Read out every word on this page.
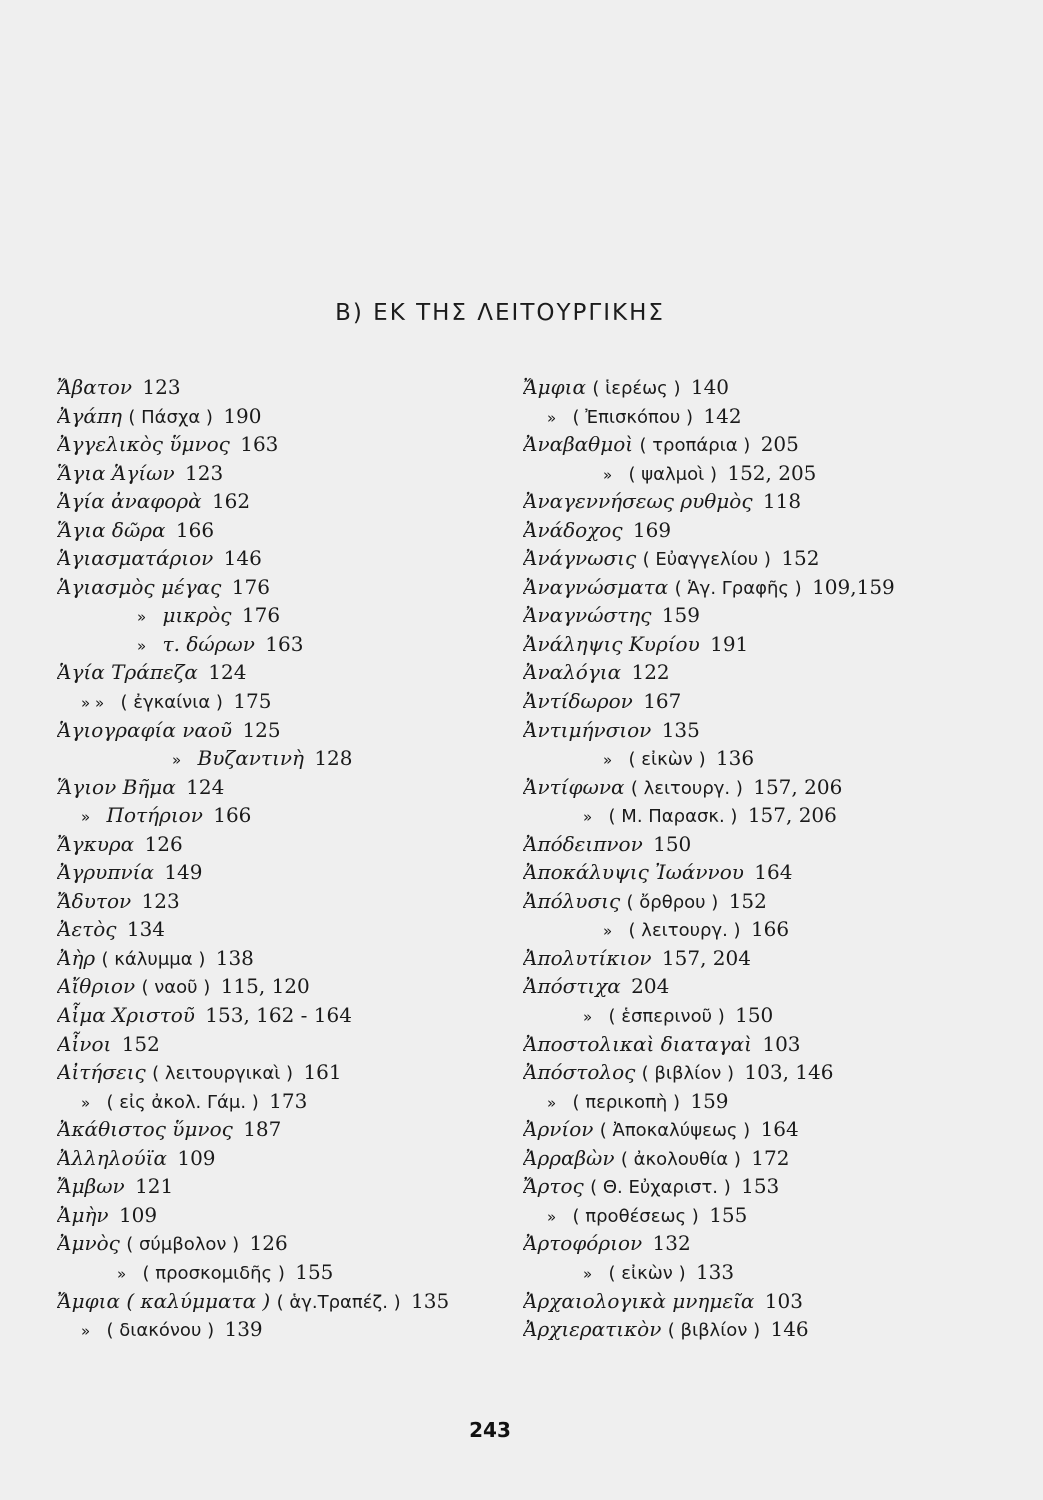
B) ΕΚ ΤΗΣ ΛΕΙΤΟΥΡΓΙΚΗΣ
Ἄβατον 123
Ἀγάπη ( Πάσχα ) 190
Ἀγγελικὸς ὕμνος 163
Ἅγια Ἁγίων 123
Ἁγία ἀναφορὰ 162
Ἅγια δῶρα 166
Ἁγιασματάριον 146
Ἁγιασμὸς μέγας 176
» μικρὸς 176
» τ. δώρων 163
Ἁγία Τράπεζα 124
» » ( ἐγκαίνια ) 175
Ἁγιογραφία ναοῦ 125
» Βυζαντινὴ 128
Ἅγιον Βῆμα 124
» Ποτήριον 166
Ἄγκυρα 126
Ἀγρυπνία 149
Ἄδυτον 123
Ἀετὸς 134
Ἀὴρ ( κάλυμμα ) 138
Αἴθριον ( ναοῦ ) 115, 120
Αἷμα Χριστοῦ 153, 162 - 164
Αἶνοι 152
Αἰτήσεις ( λειτουργικαὶ ) 161
» ( εἰς ἀκολ. Γάμ. ) 173
Ἀκάθιστος ὕμνος 187
Ἀλληλούϊα 109
Ἄμβων 121
Ἀμὴν 109
Ἀμνὸς ( σύμβολον ) 126
» ( προσκομιδῆς ) 155
Ἄμφια ( καλύμματα ) ( ἁγ.Τραπέζ. ) 135
» ( διακόνου ) 139
Ἄμφια ( ἱερέως ) 140
» ( Ἐπισκόπου ) 142
Ἀναβαθμοὶ ( τροπάρια ) 205
» ( ψαλμοὶ ) 152, 205
Ἀναγεννήσεως ρυθμὸς 118
Ἀνάδοχος 169
Ἀνάγνωσις ( Εὐαγγελίου ) 152
Ἀναγνώσματα ( Ἁγ. Γραφῆς ) 109,159
Ἀναγνώστης 159
Ἀνάληψις Κυρίου 191
Ἀναλόγια 122
Ἀντίδωρον 167
Ἀντιμήνσιον 135
» ( εἰκὼν ) 136
Ἀντίφωνα ( λειτουργ. ) 157, 206
» ( Μ. Παρασκ. ) 157, 206
Ἀπόδειπνον 150
Ἀποκάλυψις Ἰωάννου 164
Ἀπόλυσις ( ὄρθρου ) 152
» ( λειτουργ. ) 166
Ἀπολυτίκιον 157, 204
Ἀπόστιχα 204
» ( ἑσπερινοῦ ) 150
Ἀποστολικαὶ διαταγαὶ 103
Ἀπόστολος ( βιβλίον ) 103, 146
» ( περικοπὴ ) 159
Ἀρνίον ( Ἀποκαλύψεως ) 164
Ἀρραβὼν ( ἀκολουθία ) 172
Ἄρτος ( Θ. Εὐχαριστ. ) 153
» ( προθέσεως ) 155
Ἀρτοφόριον 132
» ( εἰκὼν ) 133
Ἀρχαιολογικὰ μνημεῖα 103
Ἀρχιερατικὸν ( βιβλίον ) 146
243
